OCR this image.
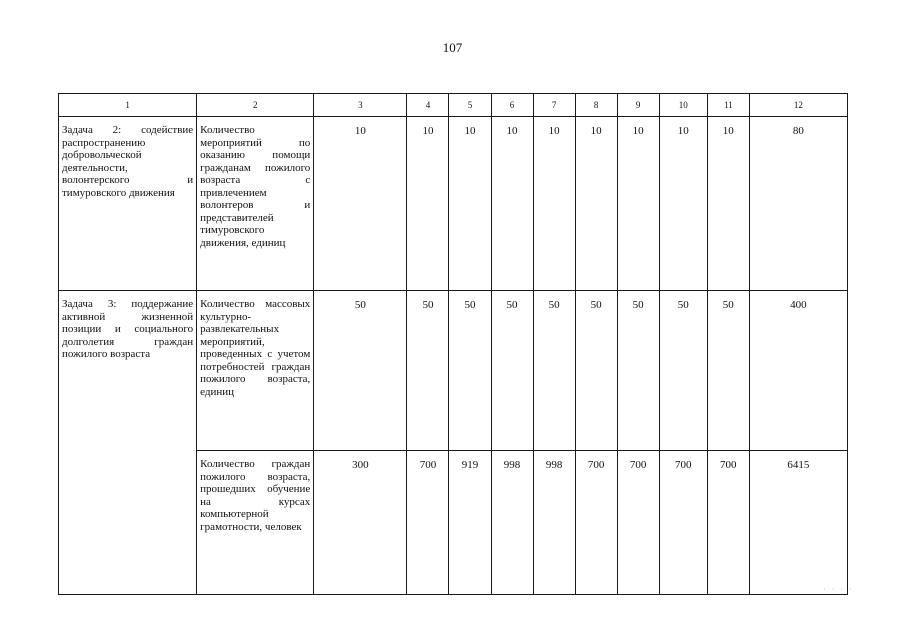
107
1	2	3	4	5	6	7	8	9	10	11	12
Задача 2: содействие распространению добровольческой деятельности, волонтерского и тимуровского движения	Количество мероприятий по оказанию помощи гражданам пожилого возраста с привлечением волонтеров и представителей тимуровского движения, единиц	10	10	10	10	10	10	10	10	10	80
Задача 3: поддержание активной жизненной позиции и социального долголетия граждан пожилого возраста	Количество массовых культурно-развлекательных мероприятий, проведенных с учетом потребностей граждан пожилого возраста, единиц	50	50	50	50	50	50	50	50	50	400
	Количество граждан пожилого возраста, прошедших обучение на курсах компьютерной грамотности, человек	300	700	919	998	998	700	700	700	700	6415
· · · ·
